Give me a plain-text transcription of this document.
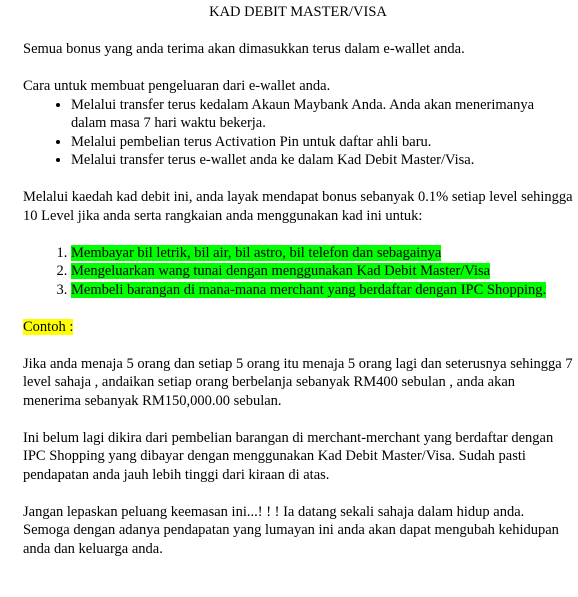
KAD DEBIT MASTER/VISA

Semua bonus yang anda terima akan dimasukkan terus dalam e-wallet anda.

Cara untuk membuat pengeluaran dari e-wallet anda.

• Melalui transfer terus kedalam Akaun Maybank Anda. Anda akan menerimanya dalam masa 7 hari waktu bekerja.
• Melalui pembelian terus Activation Pin untuk daftar ahli baru.
• Melalui transfer terus e-wallet anda ke dalam Kad Debit Master/Visa.

Melalui kaedah kad debit ini, anda layak mendapat bonus sebanyak 0.1% setiap level sehingga 10 Level jika anda serta rangkaian anda menggunakan kad ini untuk:

1. Membayar bil letrik, bil air, bil astro, bil telefon dan sebagainya
2. Mengeluarkan wang tunai dengan menggunakan Kad Debit Master/Visa
3. Membeli barangan di mana-mana merchant yang berdaftar dengan IPC Shopping.

Contoh :

Jika anda menaja 5 orang dan setiap 5 orang itu menaja 5 orang lagi dan seterusnya sehingga 7 level sahaja , andaikan setiap orang berbelanja sebanyak RM400 sebulan , anda akan menerima sebanyak RM150,000.00 sebulan.

Ini belum lagi dikira dari pembelian barangan di merchant-merchant yang berdaftar dengan IPC Shopping yang dibayar dengan menggunakan Kad Debit Master/Visa. Sudah pasti pendapatan anda jauh lebih tinggi dari kiraan di atas.

Jangan lepaskan peluang keemasan ini...! ! ! Ia datang sekali sahaja dalam hidup anda. Semoga dengan adanya pendapatan yang lumayan ini anda akan dapat mengubah kehidupan anda dan keluarga anda.
